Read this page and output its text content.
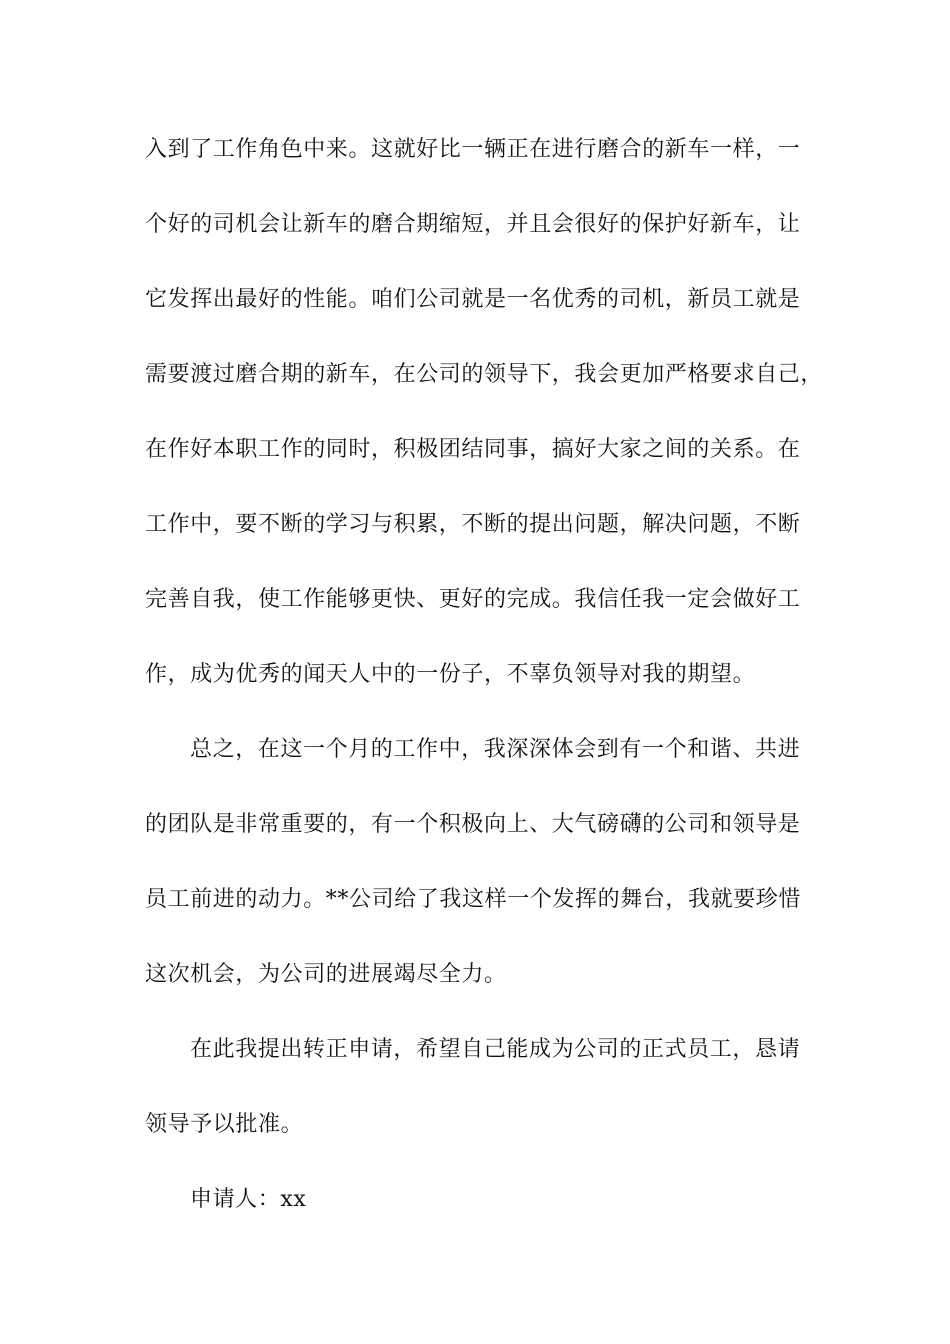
入到了工作角色中来。这就好比一辆正在进行磨合的新车一样，一
个好的司机会让新车的磨合期缩短，并且会很好的保护好新车，让
它发挥出最好的性能。咱们公司就是一名优秀的司机，新员工就是
需要渡过磨合期的新车，在公司的领导下，我会更加严格要求自己，
在作好本职工作的同时，积极团结同事，搞好大家之间的关系。在
工作中，要不断的学习与积累，不断的提出问题，解决问题，不断
完善自我，使工作能够更快、更好的完成。我信任我一定会做好工
作，成为优秀的闻天人中的一份子，不辜负领导对我的期望。
总之，在这一个月的工作中，我深深体会到有一个和谐、共进
的团队是非常重要的，有一个积极向上、大气磅礴的公司和领导是
员工前进的动力。**公司给了我这样一个发挥的舞台，我就要珍惜
这次机会，为公司的进展竭尽全力。
在此我提出转正申请，希望自己能成为公司的正式员工，恳请
领导予以批准。
申请人：xx
